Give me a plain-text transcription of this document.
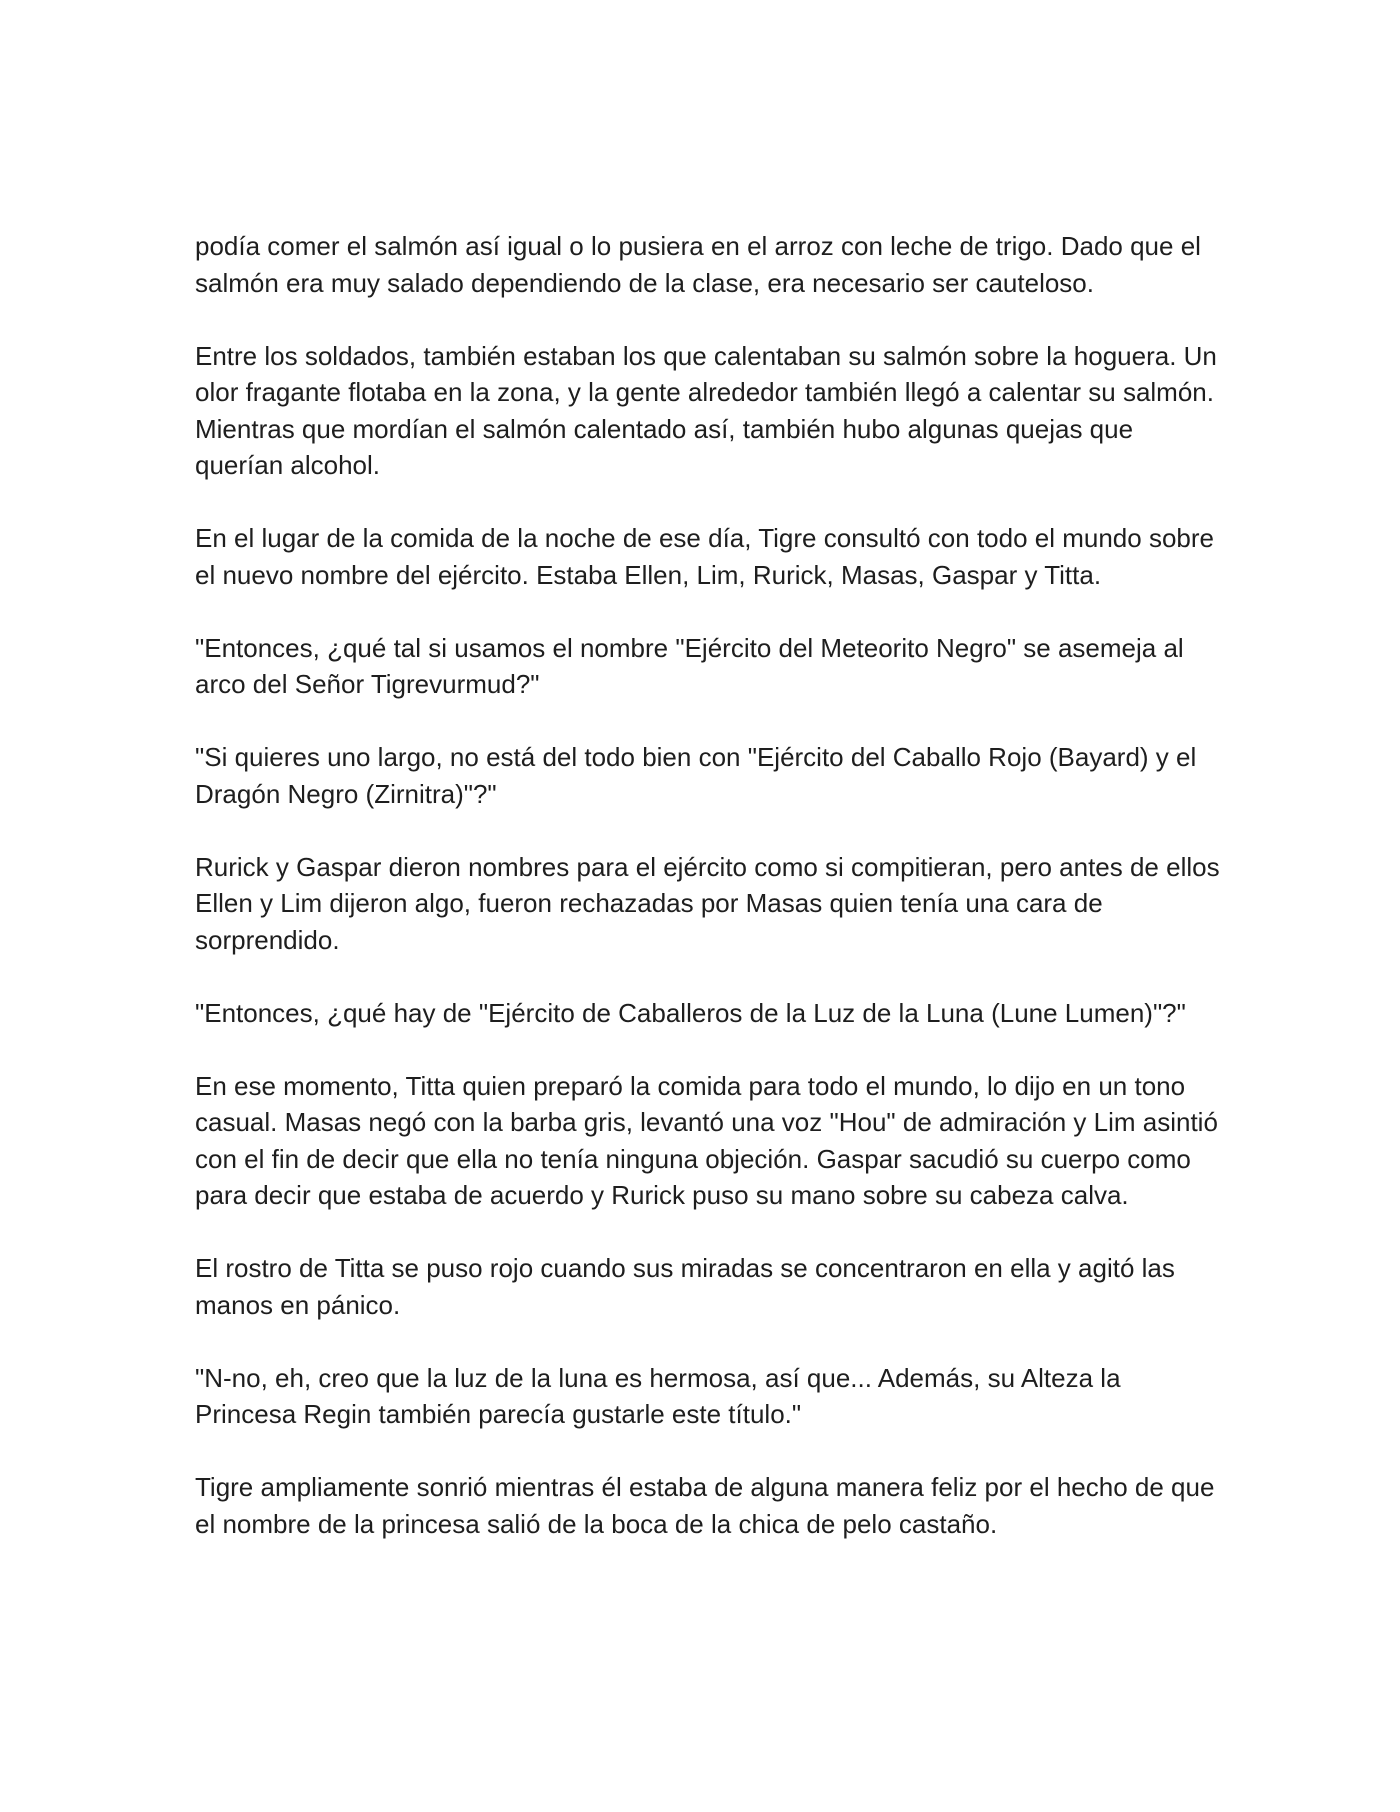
podía comer el salmón así igual o lo pusiera en el arroz con leche de trigo. Dado que el salmón era muy salado dependiendo de la clase, era necesario ser cauteloso.

Entre los soldados, también estaban los que calentaban su salmón sobre la hoguera. Un olor fragante flotaba en la zona, y la gente alrededor también llegó a calentar su salmón. Mientras que mordían el salmón calentado así, también hubo algunas quejas que querían alcohol.

En el lugar de la comida de la noche de ese día, Tigre consultó con todo el mundo sobre el nuevo nombre del ejército. Estaba Ellen, Lim, Rurick, Masas, Gaspar y Titta.

"Entonces, ¿qué tal si usamos el nombre "Ejército del Meteorito Negro" se asemeja al arco del Señor Tigrevurmud?"

"Si quieres uno largo, no está del todo bien con "Ejército del Caballo Rojo (Bayard) y el Dragón Negro (Zirnitra)"?"

Rurick y Gaspar dieron nombres para el ejército como si compitieran, pero antes de ellos Ellen y Lim dijeron algo, fueron rechazadas por Masas quien tenía una cara de sorprendido.

"Entonces, ¿qué hay de "Ejército de Caballeros de la Luz de la Luna (Lune Lumen)"?"

En ese momento, Titta quien preparó la comida para todo el mundo, lo dijo en un tono casual. Masas negó con la barba gris, levantó una voz "Hou" de admiración y Lim asintió con el fin de decir que ella no tenía ninguna objeción. Gaspar sacudió su cuerpo como para decir que estaba de acuerdo y Rurick puso su mano sobre su cabeza calva.

El rostro de Titta se puso rojo cuando sus miradas se concentraron en ella y agitó las manos en pánico.

"N-no, eh, creo que la luz de la luna es hermosa, así que... Además, su Alteza la Princesa Regin también parecía gustarle este título."

Tigre ampliamente sonrió mientras él estaba de alguna manera feliz por el hecho de que el nombre de la princesa salió de la boca de la chica de pelo castaño.
